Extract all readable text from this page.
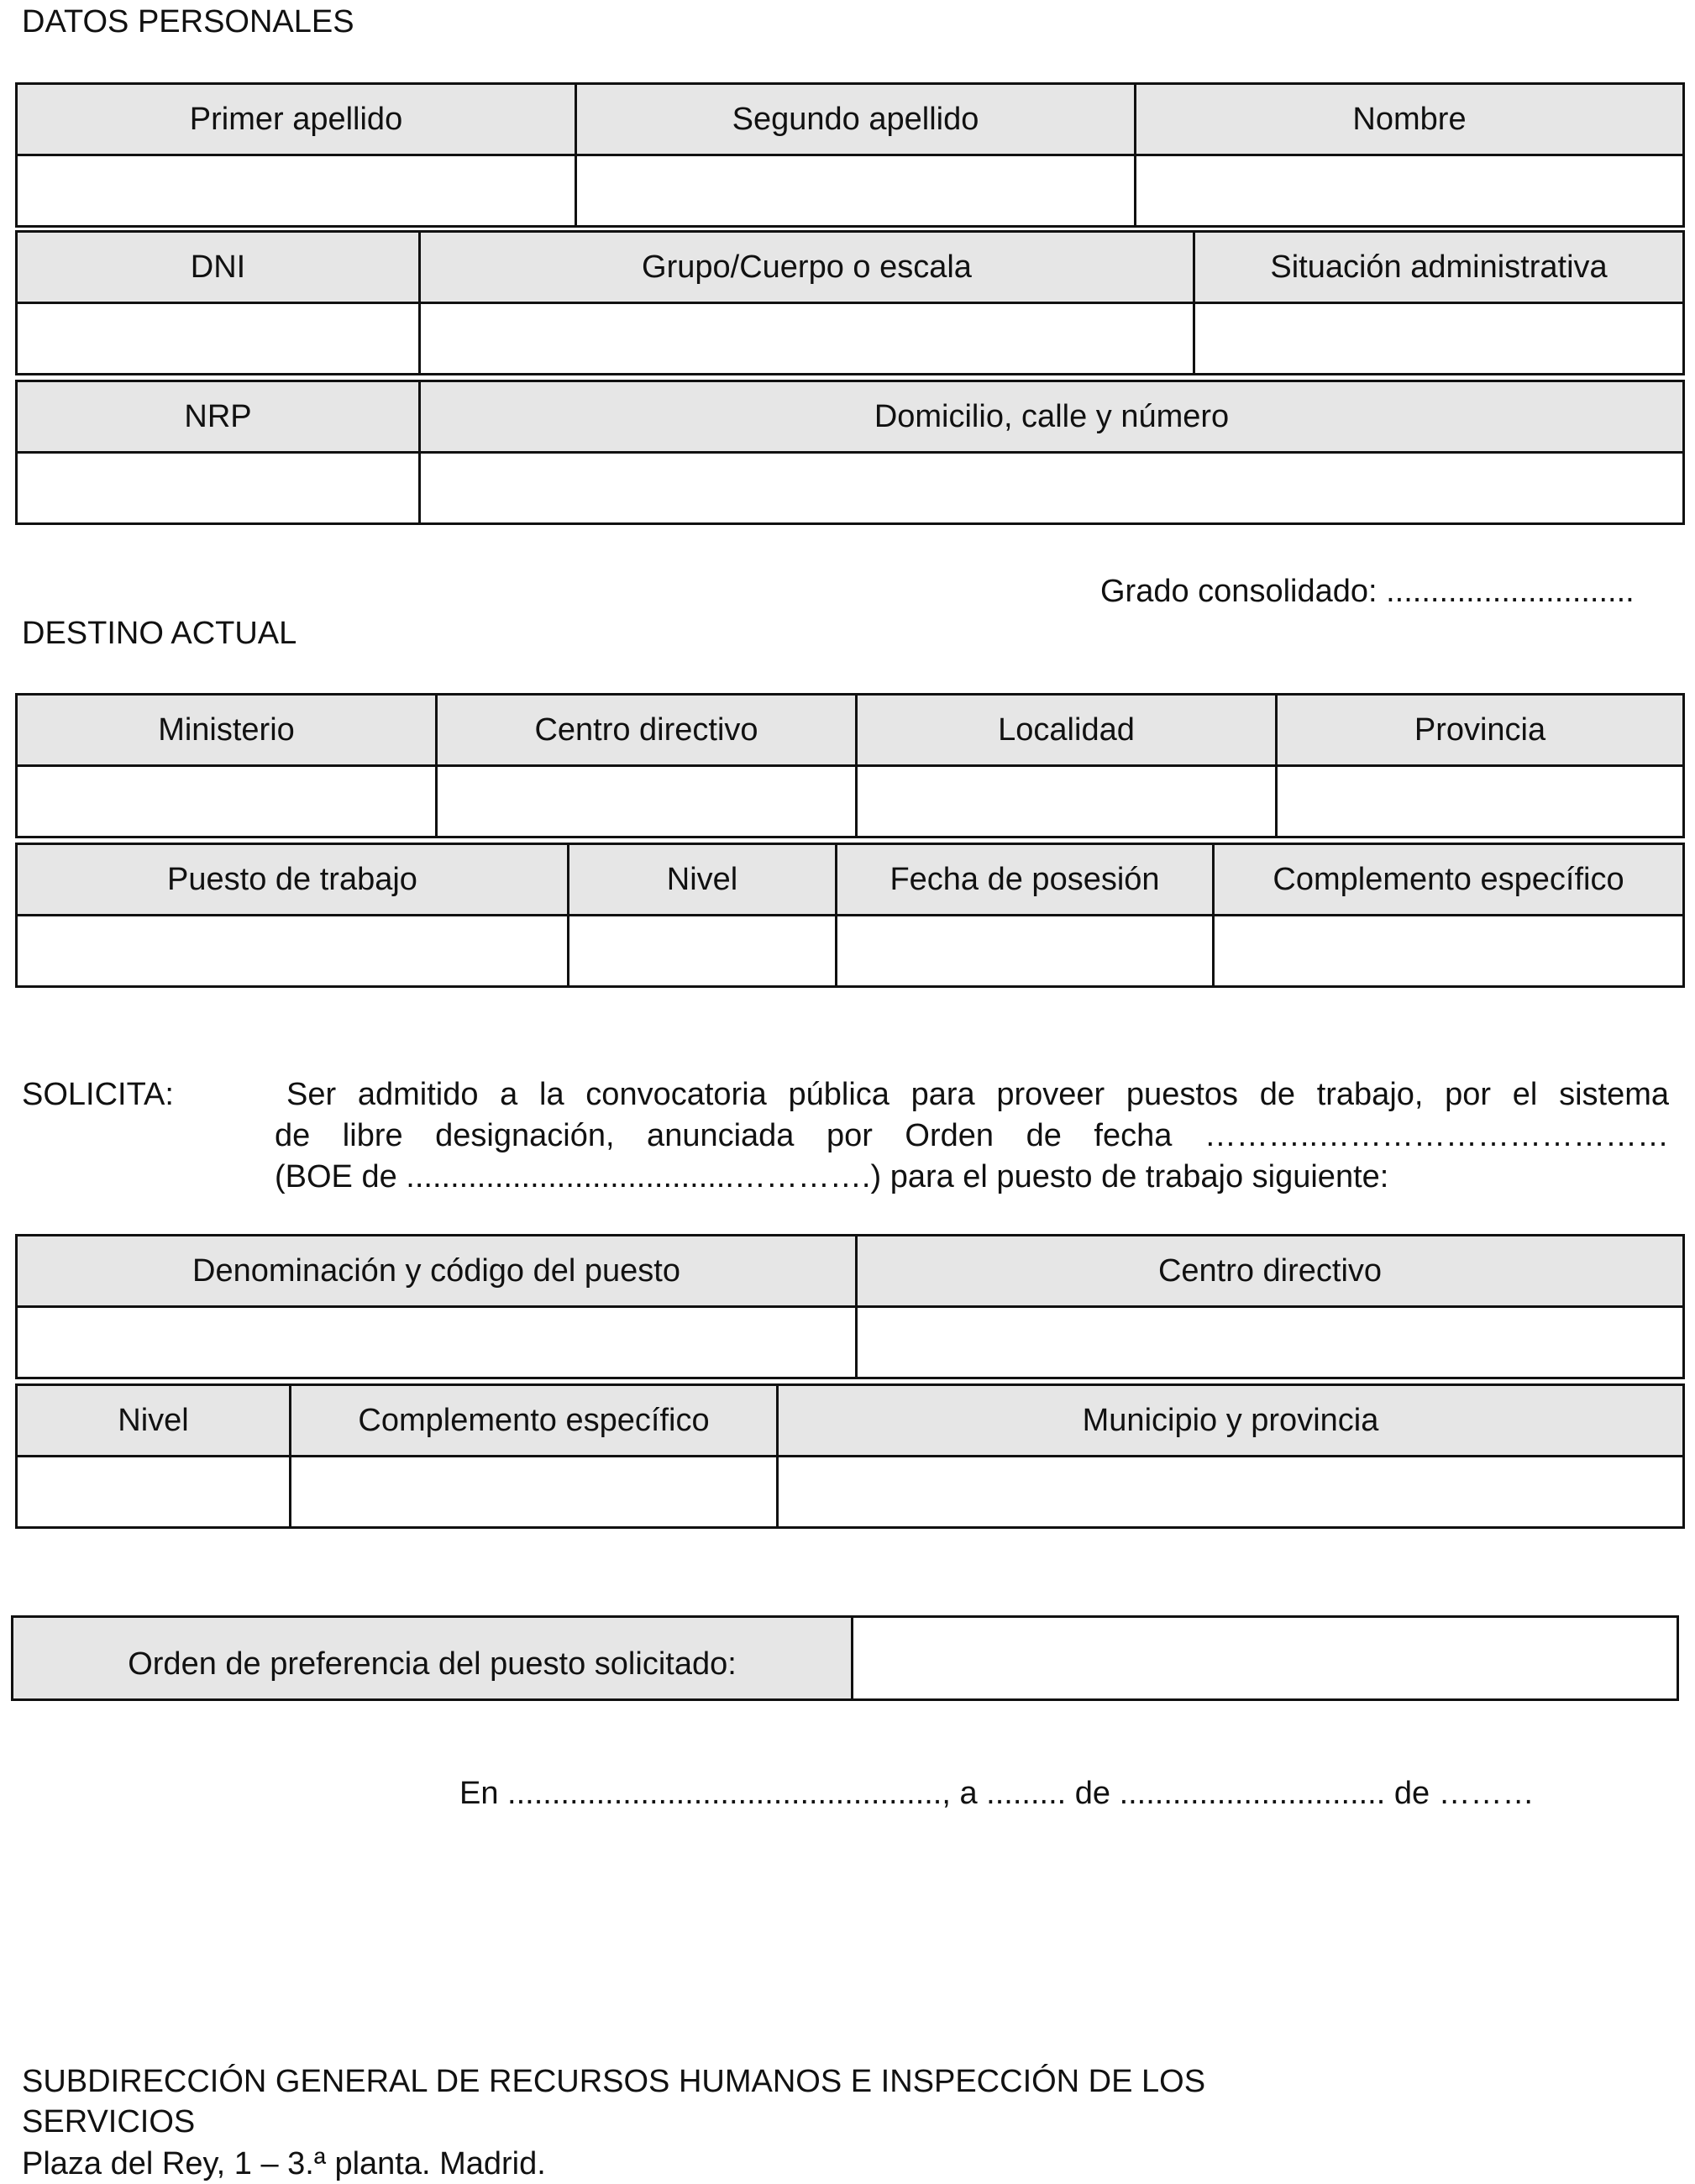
DATOS PERSONALES
Primer apellido	Segundo apellido	Nombre

DNI	Grupo/Cuerpo o escala	Situación administrativa

NRP	Domicilio, calle y número

Grado consolidado: ............................
DESTINO ACTUAL
Ministerio	Centro directivo	Localidad	Provincia

Puesto de trabajo	Nivel	Fecha de posesión	Complemento específico

SOLICITA:	Ser admitido a la convocatoria pública para proveer puestos de trabajo, por el sistema
de libre designación, anunciada por Orden de fecha ………..……………………………
(BOE de .....................................………….) para el puesto de trabajo siguiente:
Denominación y código del puesto	Centro directivo

Nivel	Complemento específico	Municipio y provincia

Orden de preferencia del puesto solicitado:	
En ................................................., a ......... de .............................. de ………
SUBDIRECCIÓN GENERAL DE RECURSOS HUMANOS E INSPECCIÓN DE LOS
SERVICIOS
Plaza del Rey, 1 – 3.ª planta. Madrid.
